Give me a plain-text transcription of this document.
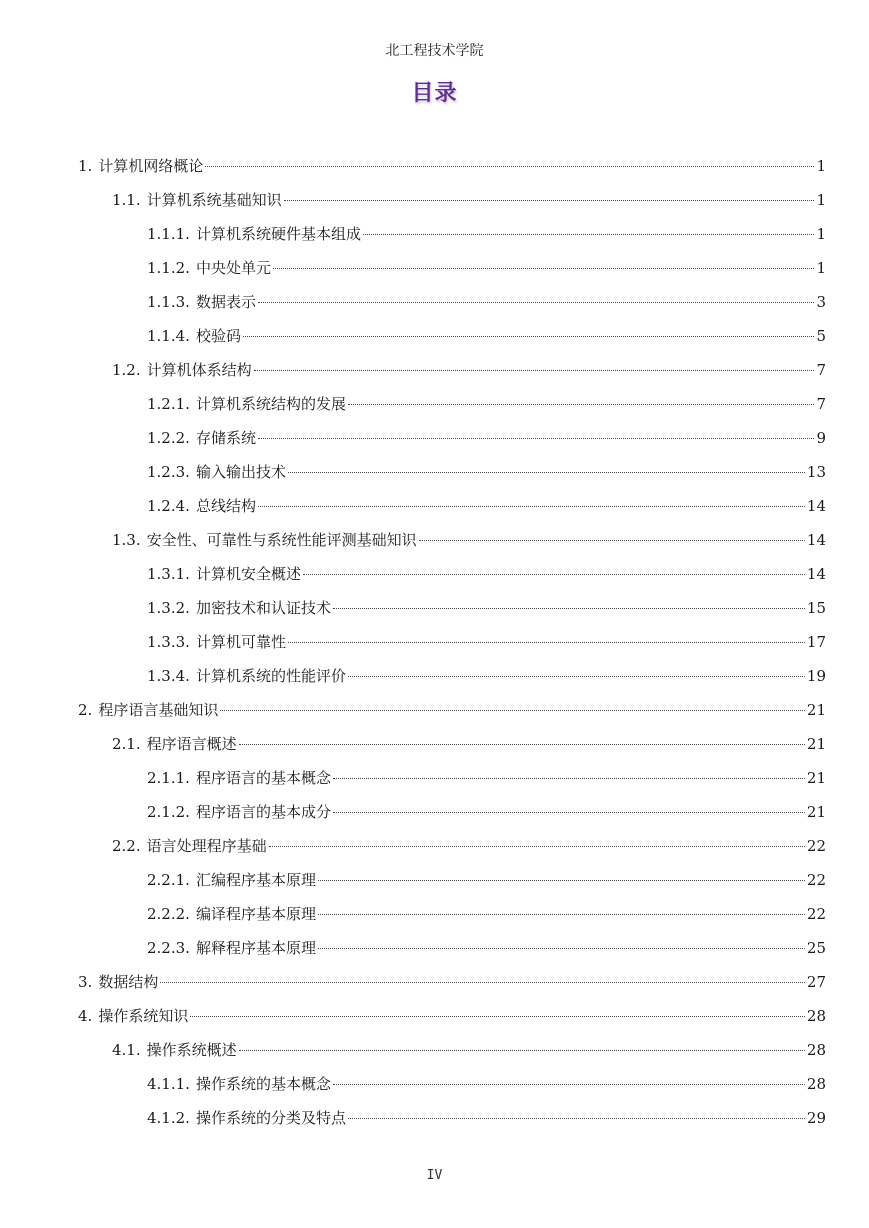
北工程技术学院
目录
1. 计算机网络概论	1
1.1. 计算机系统基础知识	1
1.1.1. 计算机系统硬件基本组成	1
1.1.2. 中央处单元	1
1.1.3. 数据表示	3
1.1.4. 校验码	5
1.2. 计算机体系结构	7
1.2.1. 计算机系统结构的发展	7
1.2.2. 存储系统	9
1.2.3. 输入输出技术	13
1.2.4. 总线结构	14
1.3. 安全性、可靠性与系统性能评测基础知识	14
1.3.1. 计算机安全概述	14
1.3.2. 加密技术和认证技术	15
1.3.3. 计算机可靠性	17
1.3.4. 计算机系统的性能评价	19
2. 程序语言基础知识	21
2.1. 程序语言概述	21
2.1.1. 程序语言的基本概念	21
2.1.2. 程序语言的基本成分	21
2.2. 语言处理程序基础	22
2.2.1. 汇编程序基本原理	22
2.2.2. 编译程序基本原理	22
2.2.3. 解释程序基本原理	25
3. 数据结构	27
4. 操作系统知识	28
4.1. 操作系统概述	28
4.1.1. 操作系统的基本概念	28
4.1.2. 操作系统的分类及特点	29
IV
